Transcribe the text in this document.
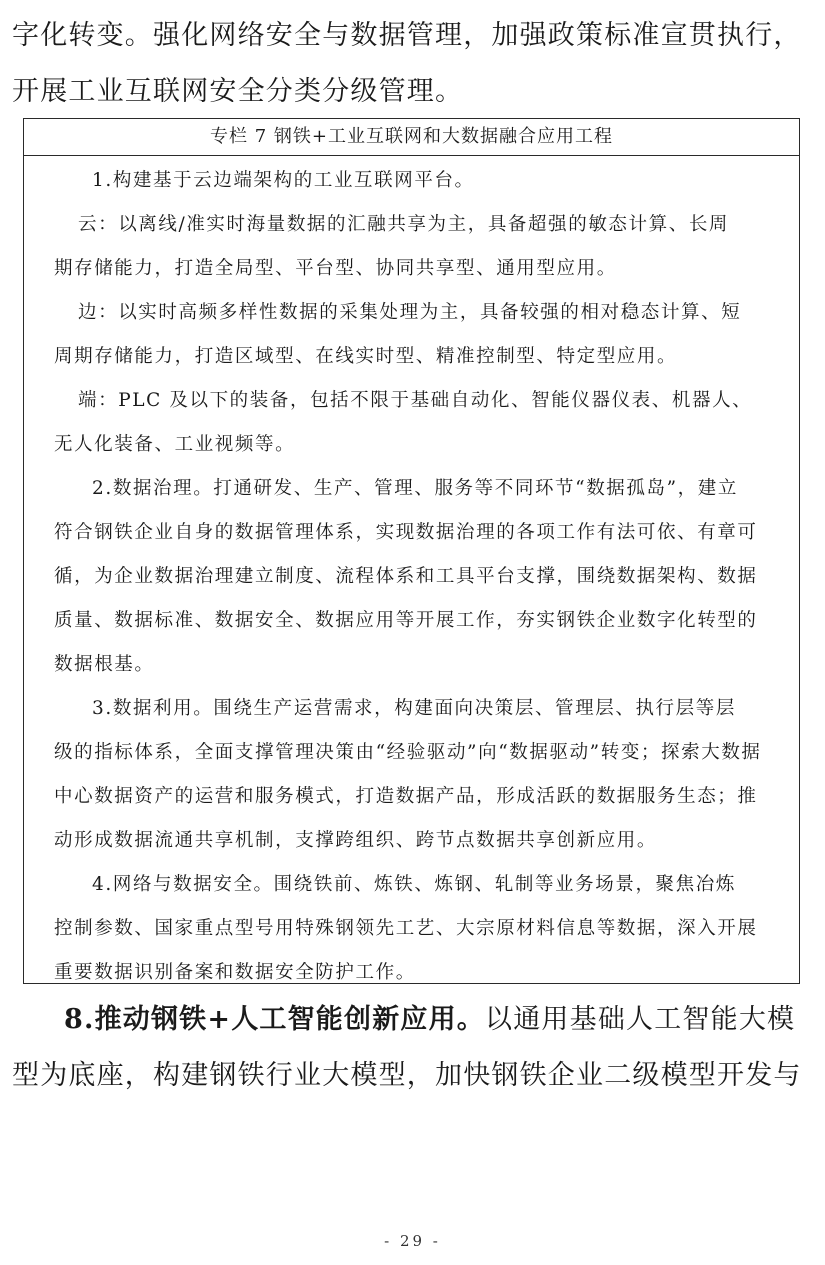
字化转变。强化网络安全与数据管理，加强政策标准宣贯执行，

开展工业互联网安全分类分级管理。

专栏 7 钢铁+工业互联网和大数据融合应用工程

1.构建基于云边端架构的工业互联网平台。

云：以离线/准实时海量数据的汇融共享为主，具备超强的敏态计算、长周

期存储能力，打造全局型、平台型、协同共享型、通用型应用。

边：以实时高频多样性数据的采集处理为主，具备较强的相对稳态计算、短

周期存储能力，打造区域型、在线实时型、精准控制型、特定型应用。

端：PLC 及以下的装备，包括不限于基础自动化、智能仪器仪表、机器人、

无人化装备、工业视频等。

2.数据治理。打通研发、生产、管理、服务等不同环节“数据孤岛”，建立

符合钢铁企业自身的数据管理体系，实现数据治理的各项工作有法可依、有章可

循，为企业数据治理建立制度、流程体系和工具平台支撑，围绕数据架构、数据

质量、数据标准、数据安全、数据应用等开展工作，夯实钢铁企业数字化转型的

数据根基。

3.数据利用。围绕生产运营需求，构建面向决策层、管理层、执行层等层

级的指标体系，全面支撑管理决策由“经验驱动”向“数据驱动”转变；探索大数据

中心数据资产的运营和服务模式，打造数据产品，形成活跃的数据服务生态；推

动形成数据流通共享机制，支撑跨组织、跨节点数据共享创新应用。

4.网络与数据安全。围绕铁前、炼铁、炼钢、轧制等业务场景，聚焦冶炼

控制参数、国家重点型号用特殊钢领先工艺、大宗原材料信息等数据，深入开展

重要数据识别备案和数据安全防护工作。

8.推动钢铁+人工智能创新应用。以通用基础人工智能大模

型为底座，构建钢铁行业大模型，加快钢铁企业二级模型开发与

- 29 -
